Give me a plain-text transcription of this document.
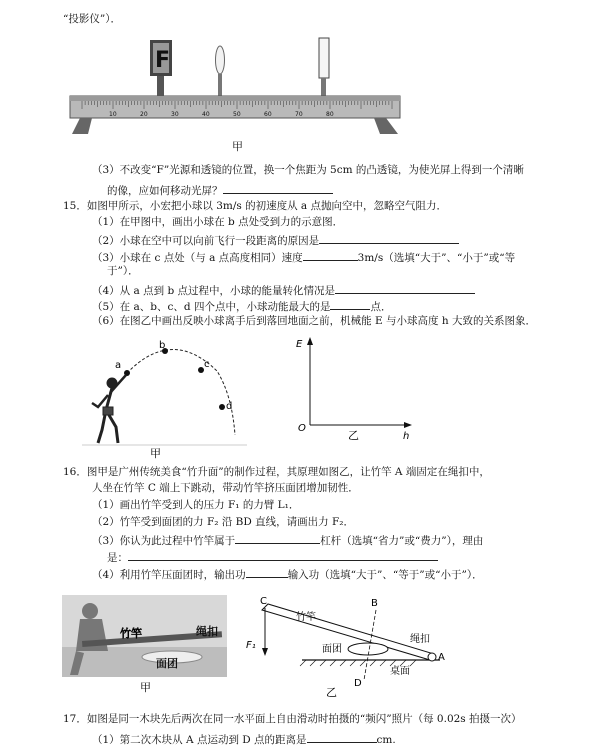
“投影仪”）．
F
10	20	30	40	50	60	70	80
甲
（3）不改变“F”光源和透镜的位置，换一个焦距为 5cm 的凸透镜，为使光屏上得到一个清晰
的像，应如何移动光屏？
15．如图甲所示，小宏把小球以 3m/s 的初速度从 a 点抛向空中，忽略空气阻力．
（1）在甲图中，画出小球在 b 点处受到力的示意图．
（2）小球在空中可以向前飞行一段距离的原因是
（3）小球在 c 点处（与 a 点高度相同）速度	3m/s（选填“大于”、“小于”或“等
于”）．
（4）从 a 点到 b 点过程中，小球的能量转化情况是
（5）在 a、b、c、d 四个点中，小球动能最大的是	点．
（6）在图乙中画出反映小球离手后到落回地面之前，机械能 E 与小球高度 h 大致的关系图象．
a
b
c
d
甲
E
O
h
乙
16．图甲是广州传统美食“竹升面”的制作过程，其原理如图乙，让竹竿 A 端固定在绳扣中，
人坐在竹竿 C 端上下跳动，带动竹竿挤压面团增加韧性．
（1）画出竹竿受到人的压力 F₁ 的力臂 L₁．
（2）竹竿受到面团的力 F₂ 沿 BD 直线，请画出力 F₂．
（3）你认为此过程中竹竿属于	杠杆（选填“省力”或“费力”），理由
是：
（4）利用竹竿压面团时，输出功	输入功（选填“大于”、“等于”或“小于”）．
竹竿	绳扣
面团
甲
C	B
A
D
F₁
竹竿
绳扣
面团
桌面
乙
17．如图是同一木块先后两次在同一水平面上自由滑动时拍摄的“频闪”照片（每 0.02s 拍摄一次）
（1）第二次木块从 A 点运动到 D 点的距离是	cm.
